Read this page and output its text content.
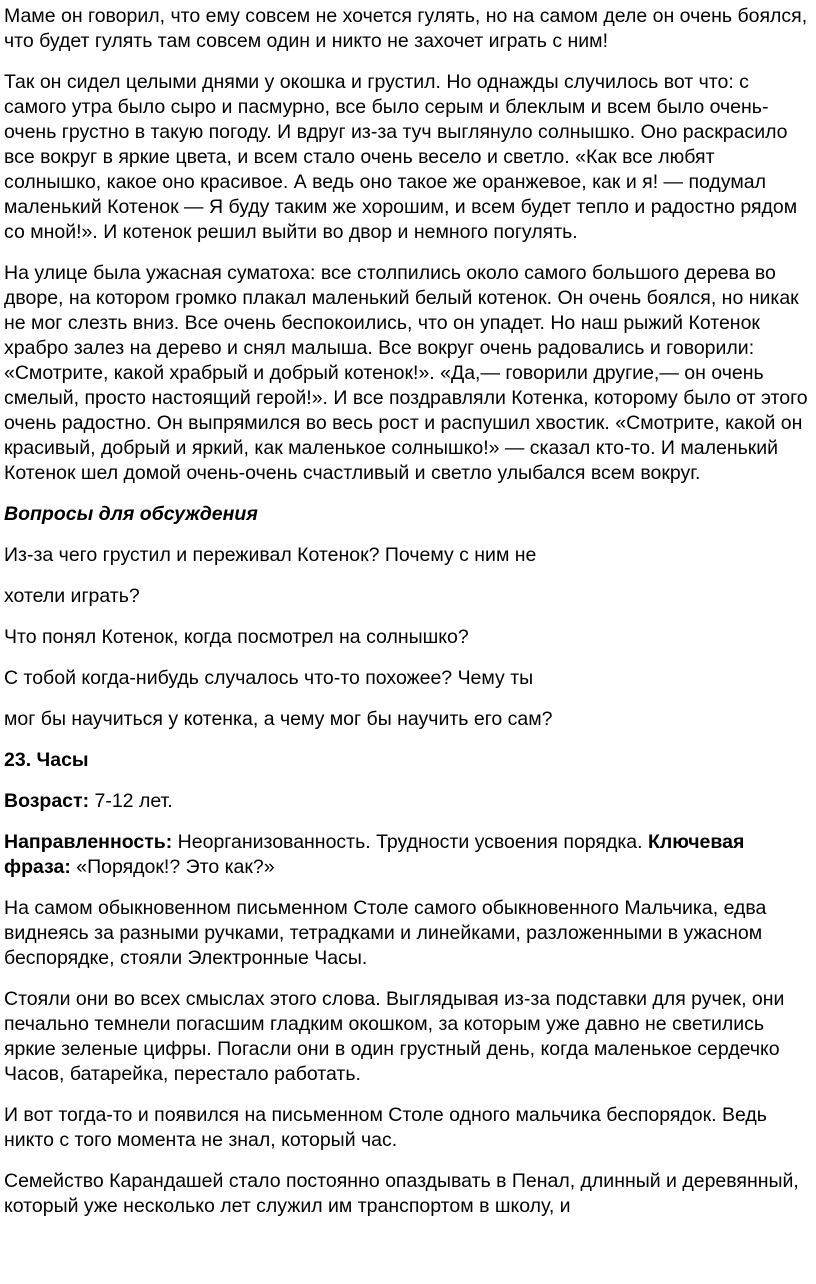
Маме он говорил, что ему совсем не хочется гулять, но на самом деле он очень боялся, что будет гулять там совсем один и никто не захочет играть с ним!

Так он сидел целыми днями у окошка и грустил. Но однажды случилось вот что: с самого утра было сыро и пасмурно, все было серым и блеклым и всем было очень-очень грустно в такую погоду. И вдруг из-за туч выглянуло солнышко. Оно раскрасило все вокруг в яркие цвета, и всем стало очень весело и светло. «Как все любят солнышко, какое оно красивое. А ведь оно такое же оранжевое, как и я! — подумал маленький Котенок — Я буду таким же хорошим, и всем будет тепло и радостно рядом со мной!». И котенок решил выйти во двор и немного погулять.

На улице была ужасная суматоха: все столпились около самого большого дерева во дворе, на котором громко плакал маленький белый котенок. Он очень боялся, но никак не мог слезть вниз. Все очень беспокоились, что он упадет. Но наш рыжий Котенок храбро залез на дерево и снял малыша. Все вокруг очень радовались и говорили: «Смотрите, какой храбрый и добрый котенок!». «Да,— говорили другие,— он очень смелый, просто настоящий герой!». И все поздравляли Котенка, которому было от этого очень радостно. Он выпрямился во весь рост и распушил хвостик. «Смотрите, какой он красивый, добрый и яркий, как маленькое солнышко!» — сказал кто-то. И маленький Котенок шел домой очень-очень счастливый и светло улыбался всем вокруг.

Вопросы для обсуждения

Из-за чего грустил и переживал Котенок? Почему с ним не

хотели играть?

Что понял Котенок, когда посмотрел на солнышко?

С тобой когда-нибудь случалось что-то похожее? Чему ты

мог бы научиться у котенка, а чему мог бы научить его сам?

23. Часы

Возраст: 7-12 лет.

Направленность: Неорганизованность. Трудности усвоения порядка. Ключевая фраза: «Порядок!? Это как?»

На самом обыкновенном письменном Столе самого обыкновенного Мальчика, едва виднеясь за разными ручками, тетрадками и линейками, разложенными в ужасном беспорядке, стояли Электронные Часы.

Стояли они во всех смыслах этого слова. Выглядывая из-за подставки для ручек, они печально темнели погасшим гладким окошком, за которым уже давно не светились яркие зеленые цифры. Погасли они в один грустный день, когда маленькое сердечко Часов, батарейка, перестало работать.

И вот тогда-то и появился на письменном Столе одного мальчика беспорядок. Ведь никто с того момента не знал, который час.

Семейство Карандашей стало постоянно опаздывать в Пенал, длинный и деревянный, который уже несколько лет служил им транспортом в школу, и
